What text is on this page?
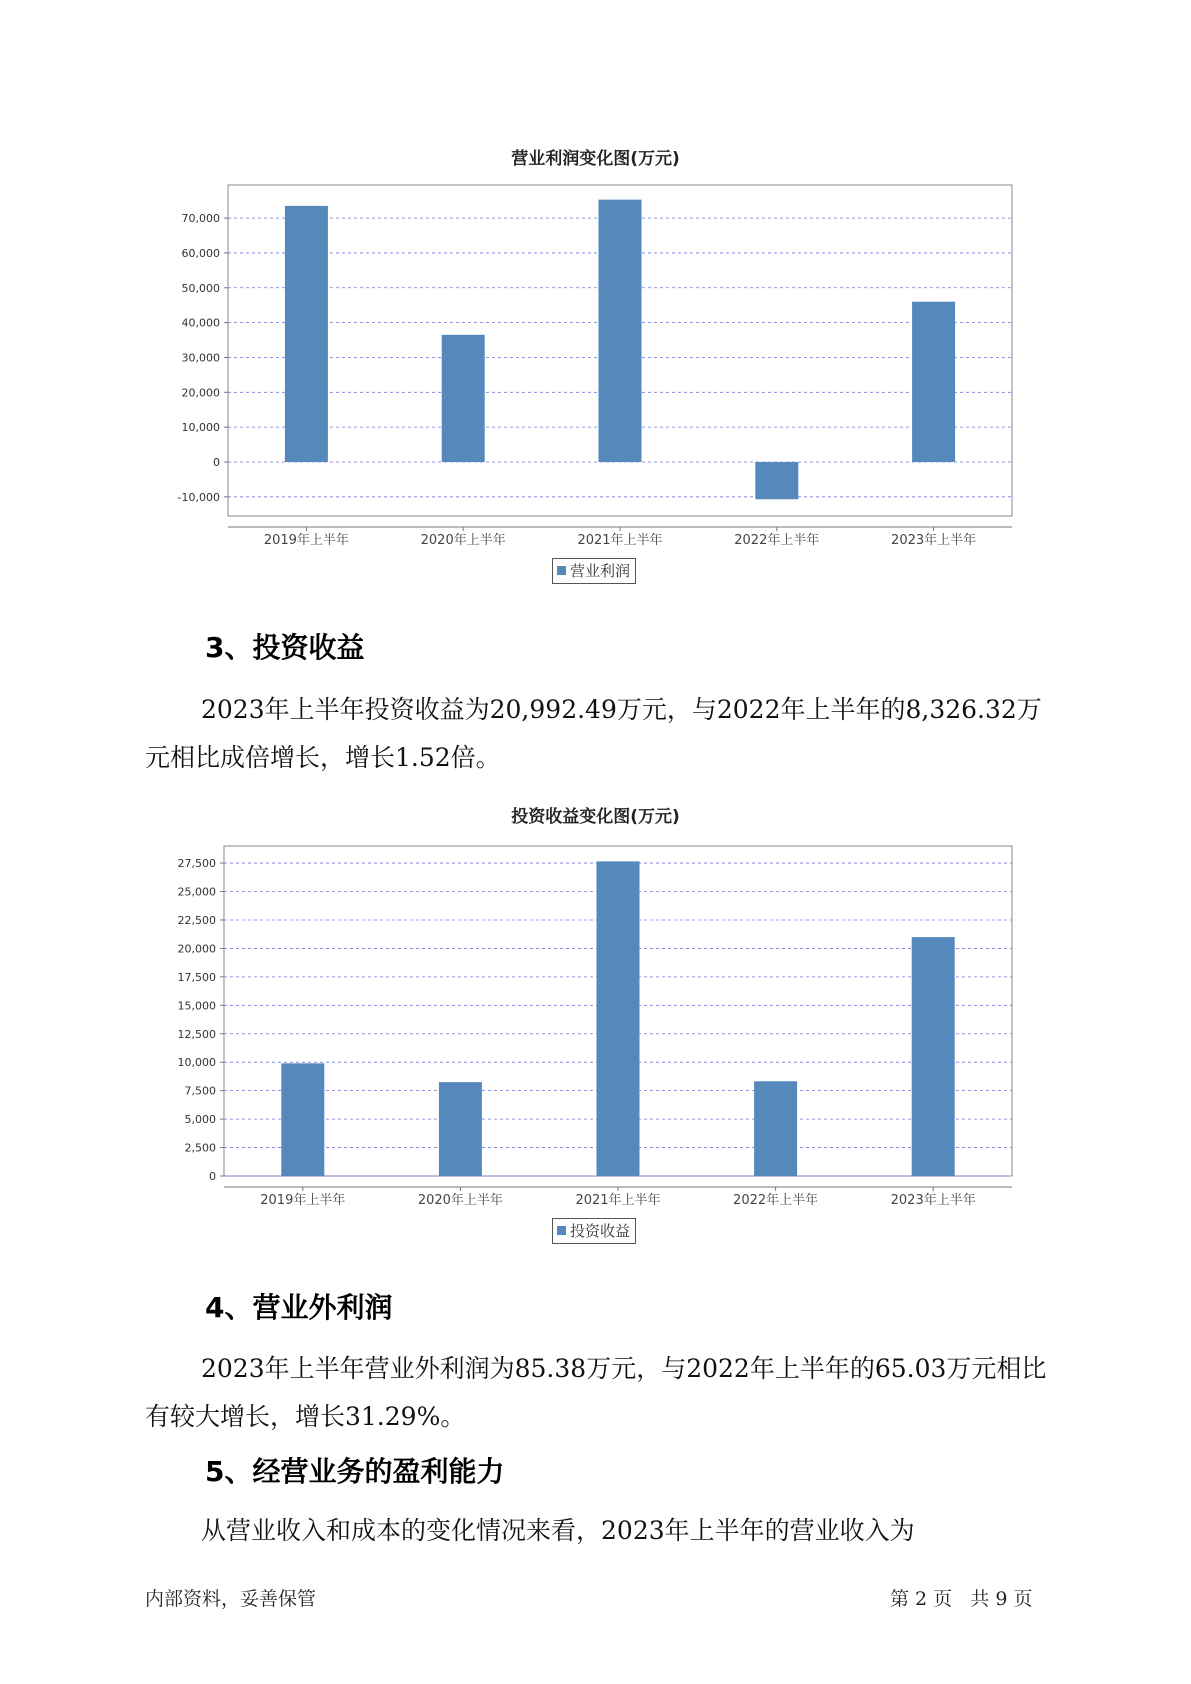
营业利润变化图(万元)
-10,000
0
10,000
20,000
30,000
40,000
50,000
60,000
70,000
2019年上半年	2020年上半年	2021年上半年	2022年上半年	2023年上半年
营业利润
3、投资收益
2023年上半年投资收益为20,992.49万元，与2022年上半年的8,326.32万元相比成倍增长，增长1.52倍。
投资收益变化图(万元)
0
2,500
5,000
7,500
10,000
12,500
15,000
17,500
20,000
22,500
25,000
27,500
2019年上半年	2020年上半年	2021年上半年	2022年上半年	2023年上半年
投资收益
4、营业外利润
2023年上半年营业外利润为85.38万元，与2022年上半年的65.03万元相比有较大增长，增长31.29%。
5、经营业务的盈利能力
从营业收入和成本的变化情况来看，2023年上半年的营业收入为
内部资料，妥善保管	第 2 页   共 9 页
